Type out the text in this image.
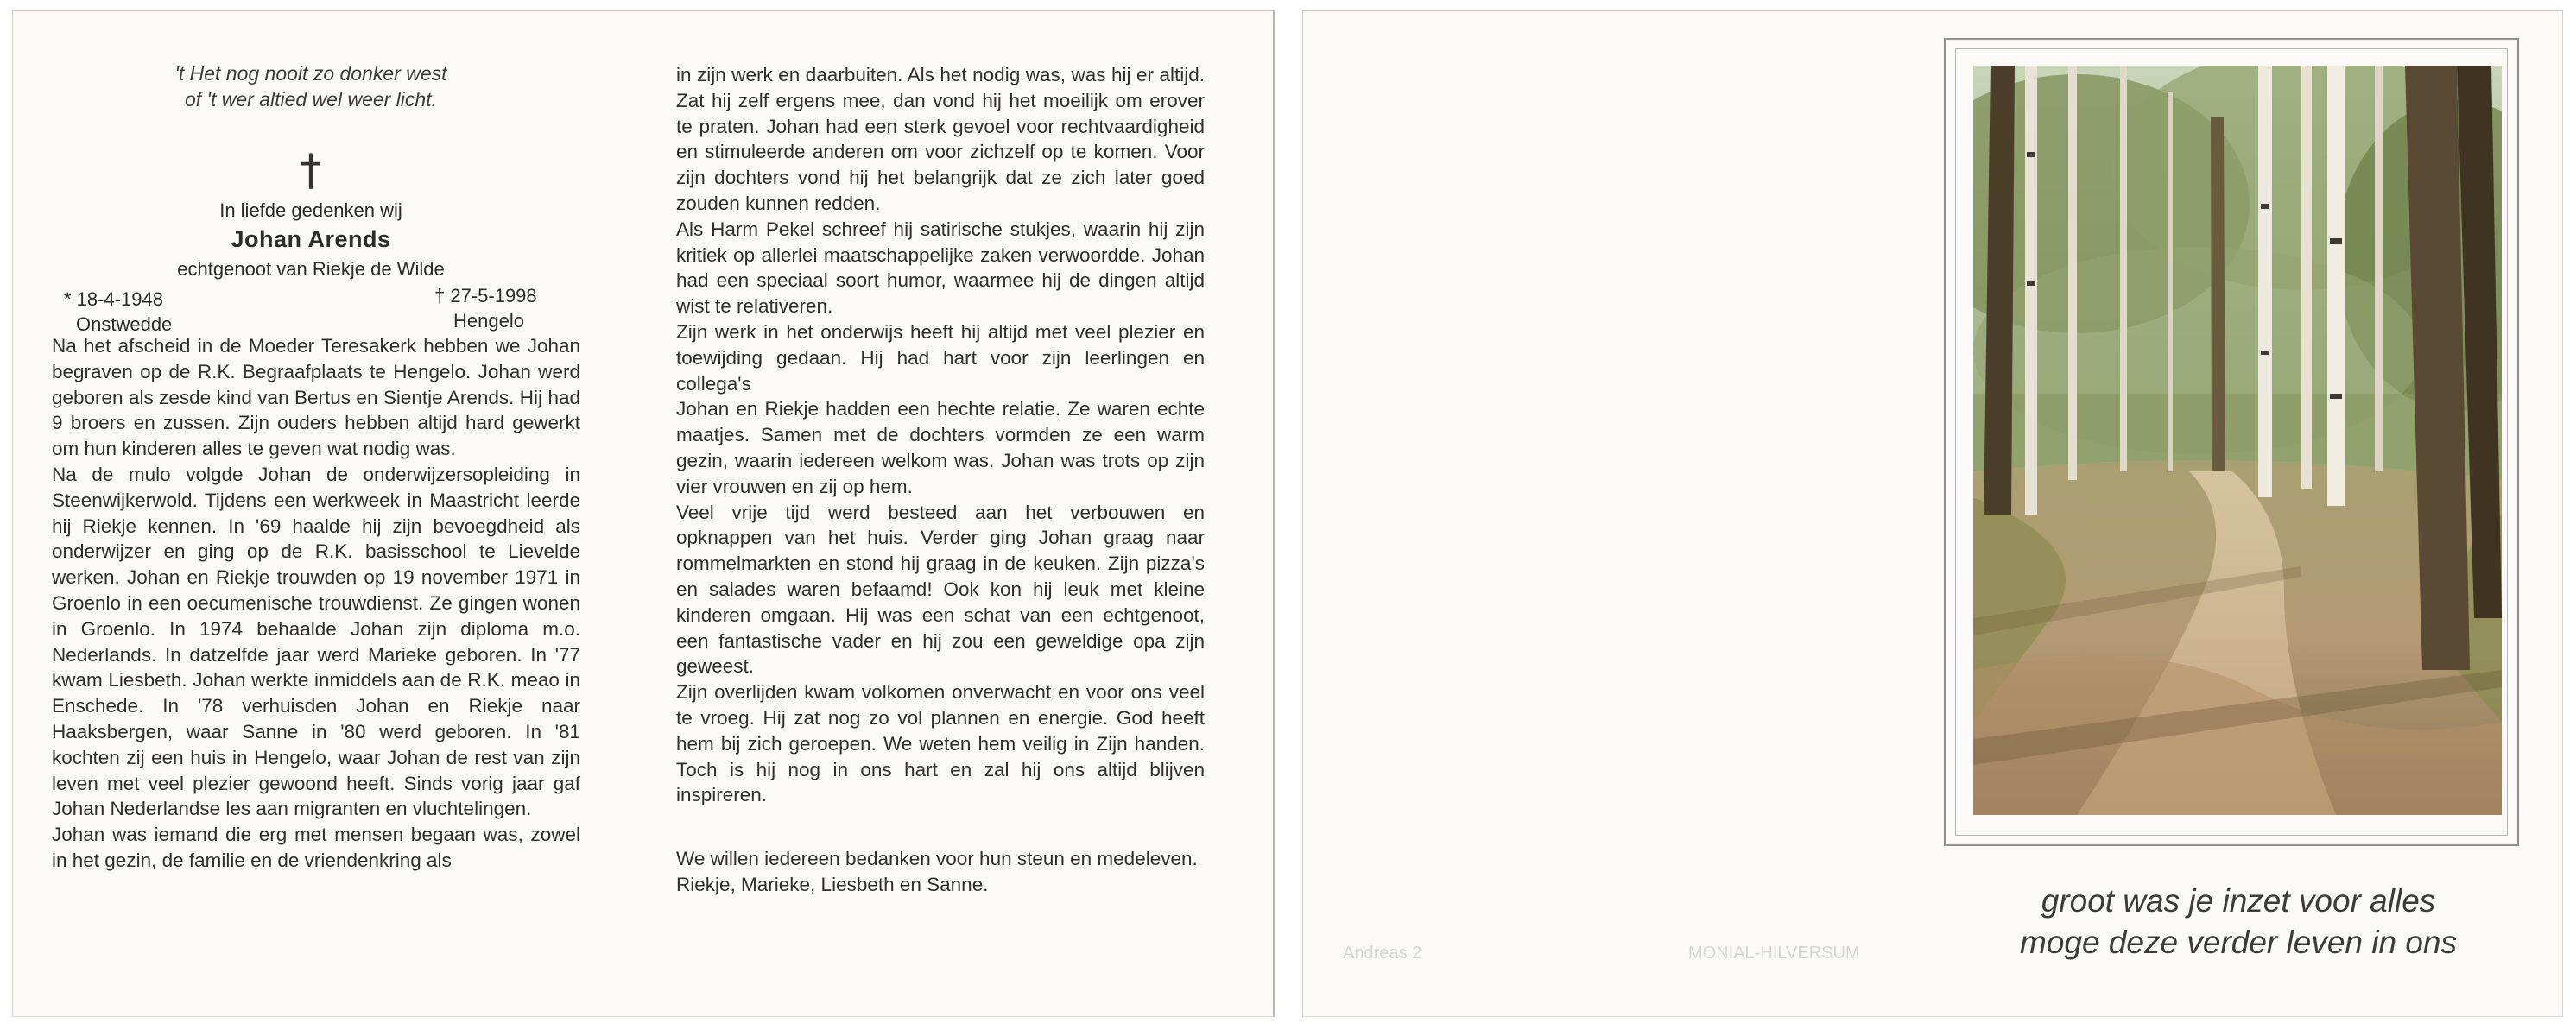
't Het nog nooit zo donker west
of 't wer altied wel weer licht.
†
In liefde gedenken wij
Johan Arends
echtgenoot van Riekje de Wilde
* 18-4-1948
Onstwedde
† 27-5-1998
Hengelo

Na het afscheid in de Moeder Teresakerk hebben we Johan begraven op de R.K. Begraafplaats te Hengelo. Johan werd geboren als zesde kind van Bertus en Sientje Arends. Hij had 9 broers en zussen. Zijn ouders hebben altijd hard gewerkt om hun kinderen alles te geven wat nodig was.

Na de mulo volgde Johan de onderwijzersopleiding in Steenwijkerwold. Tijdens een werkweek in Maastricht leerde hij Riekje kennen. In '69 haalde hij zijn bevoegdheid als onderwijzer en ging op de R.K. basisschool te Lievelde werken. Johan en Riekje trouwden op 19 november 1971 in Groenlo in een oecumenische trouwdienst. Ze gingen wonen in Groenlo. In 1974 behaalde Johan zijn diploma m.o. Nederlands. In datzelfde jaar werd Marieke geboren. In '77 kwam Liesbeth. Johan werkte inmiddels aan de R.K. meao in Enschede. In '78 verhuisden Johan en Riekje naar Haaksbergen, waar Sanne in '80 werd geboren. In '81 kochten zij een huis in Hengelo, waar Johan de rest van zijn leven met veel plezier gewoond heeft. Sinds vorig jaar gaf Johan Nederlandse les aan migranten en vluchtelingen.

Johan was iemand die erg met mensen begaan was, zowel in het gezin, de familie en de vriendenkring als

in zijn werk en daarbuiten. Als het nodig was, was hij er altijd. Zat hij zelf ergens mee, dan vond hij het moeilijk om erover te praten. Johan had een sterk gevoel voor rechtvaardigheid en stimuleerde anderen om voor zichzelf op te komen. Voor zijn dochters vond hij het belangrijk dat ze zich later goed zouden kunnen redden.

Als Harm Pekel schreef hij satirische stukjes, waarin hij zijn kritiek op allerlei maatschappelijke zaken verwoordde. Johan had een speciaal soort humor, waarmee hij de dingen altijd wist te relativeren.

Zijn werk in het onderwijs heeft hij altijd met veel plezier en toewijding gedaan. Hij had hart voor zijn leerlingen en collega's

Johan en Riekje hadden een hechte relatie. Ze waren echte maatjes. Samen met de dochters vormden ze een warm gezin, waarin iedereen welkom was. Johan was trots op zijn vier vrouwen en zij op hem.

Veel vrije tijd werd besteed aan het verbouwen en opknappen van het huis. Verder ging Johan graag naar rommelmarkten en stond hij graag in de keuken. Zijn pizza's en salades waren befaamd! Ook kon hij leuk met kleine kinderen omgaan. Hij was een schat van een echtgenoot, een fantastische vader en hij zou een geweldige opa zijn geweest.

Zijn overlijden kwam volkomen onverwacht en voor ons veel te vroeg. Hij zat nog zo vol plannen en energie. God heeft hem bij zich geroepen. We weten hem veilig in Zijn handen. Toch is hij nog in ons hart en zal hij ons altijd blijven inspireren.

We willen iedereen bedanken voor hun steun en medeleven.

Riekje, Marieke, Liesbeth en Sanne.	groot was je inzet voor alles
moge deze verder leven in ons
Andreas 2	MONIAL-HILVERSUM
